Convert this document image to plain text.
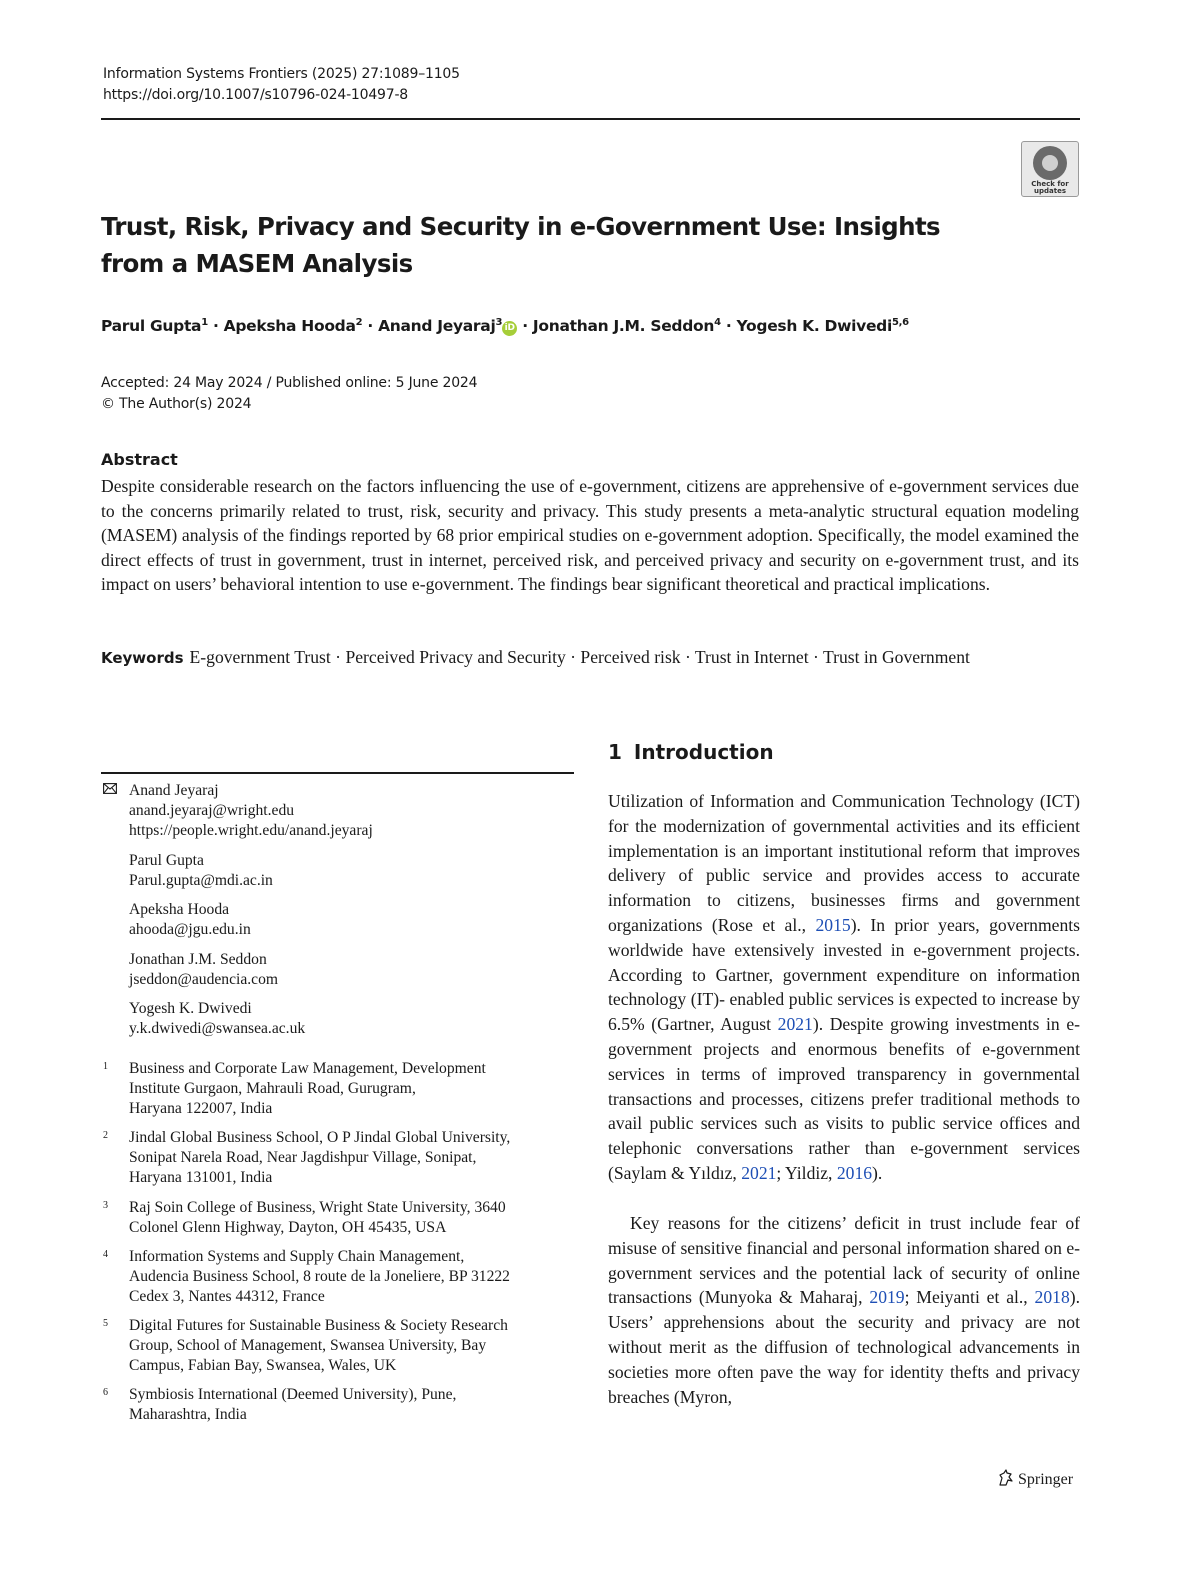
Information Systems Frontiers (2025) 27:1089–1105
https://doi.org/10.1007/s10796-024-10497-8
Check for
updates
Trust, Risk, Privacy and Security in e-Government Use: Insights from a MASEM Analysis
Parul Gupta$^1$ · Apeksha Hooda$^2$ · Anand Jeyaraj$^3$iD · Jonathan J.M. Seddon$^4$ · Yogesh K. Dwivedi$^{5,6}$
Accepted: 24 May 2024 / Published online: 5 June 2024
© The Author(s) 2024
Abstract
Despite considerable research on the factors influencing the use of e-government, citizens are apprehensive of e-government services due to the concerns primarily related to trust, risk, security and privacy. This study presents a meta-analytic structural equation modeling (MASEM) analysis of the findings reported by 68 prior empirical studies on e-government adoption. Specifically, the model examined the direct effects of trust in government, trust in internet, perceived risk, and perceived privacy and security on e-government trust, and its impact on users’ behavioral intention to use e-government. The findings bear significant theoretical and practical implications.
Keywords E-government Trust · Perceived Privacy and Security · Perceived risk · Trust in Internet · Trust in Government
Anand Jeyaraj
anand.jeyaraj@wright.edu
https://people.wright.edu/anand.jeyaraj
Parul Gupta
Parul.gupta@mdi.ac.in
Apeksha Hooda
ahooda@jgu.edu.in
Jonathan J.M. Seddon
jseddon@audencia.com
Yogesh K. Dwivedi
y.k.dwivedi@swansea.ac.uk
1 Business and Corporate Law Management, Development
Institute Gurgaon, Mahrauli Road, Gurugram,
Haryana 122007, India
2 Jindal Global Business School, O P Jindal Global University,
Sonipat Narela Road, Near Jagdishpur Village, Sonipat,
Haryana 131001, India
3 Raj Soin College of Business, Wright State University, 3640
Colonel Glenn Highway, Dayton, OH 45435, USA
4 Information Systems and Supply Chain Management,
Audencia Business School, 8 route de la Joneliere, BP 31222
Cedex 3, Nantes 44312, France
5 Digital Futures for Sustainable Business & Society Research
Group, School of Management, Swansea University, Bay
Campus, Fabian Bay, Swansea, Wales, UK
6 Symbiosis International (Deemed University), Pune,
Maharashtra, India
1 Introduction
Utilization of Information and Communication Technology (ICT) for the modernization of governmental activities and its efficient implementation is an important institutional reform that improves delivery of public service and provides access to accurate information to citizens, businesses firms and government organizations (Rose et al., 2015). In prior years, governments worldwide have extensively invested in e-government projects. According to Gartner, government expenditure on information technology (IT)- enabled public services is expected to increase by 6.5% (Gartner, August 2021). Despite growing investments in e-government projects and enormous benefits of e-government services in terms of improved transparency in governmental transactions and processes, citizens prefer traditional methods to avail public services such as visits to public service offices and telephonic conversations rather than e-government services (Saylam & Yıldız, 2021; Yildiz, 2016).
Key reasons for the citizens’ deficit in trust include fear of misuse of sensitive financial and personal information shared on e-government services and the potential lack of security of online transactions (Munyoka & Maharaj, 2019; Meiyanti et al., 2018). Users’ apprehensions about the security and privacy are not without merit as the diffusion of technological advancements in societies more often pave the way for identity thefts and privacy breaches (Myron,
Springer
